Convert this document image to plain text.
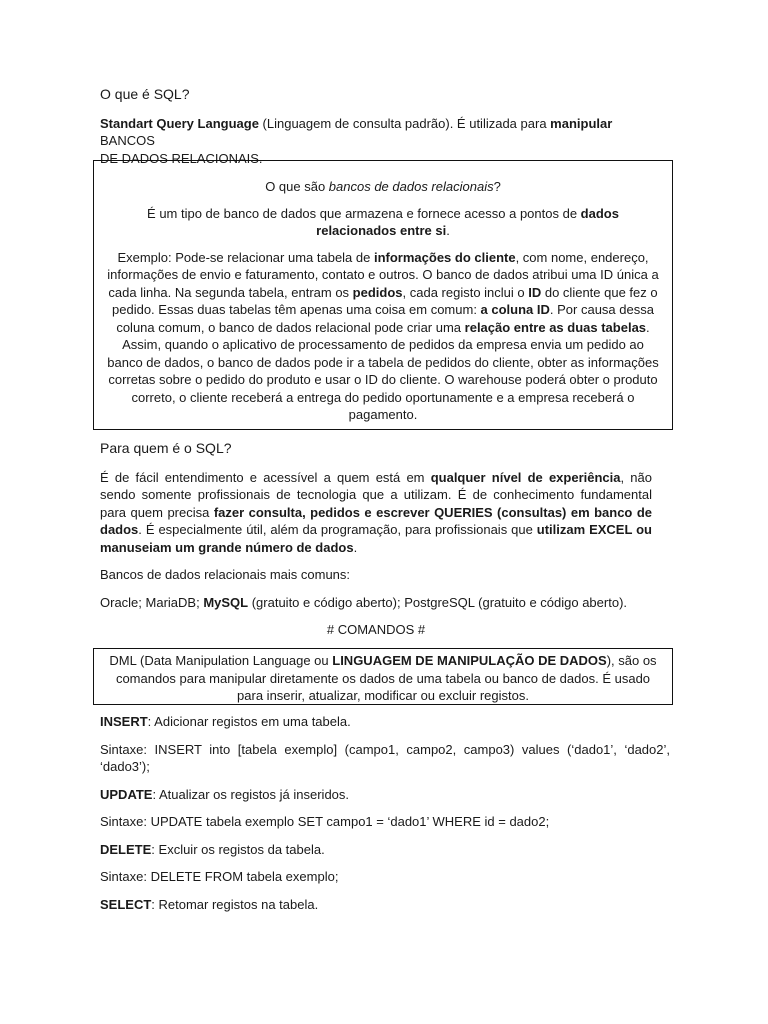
O que é SQL?

Standart Query Language (Linguagem de consulta padrão). É utilizada para manipular BANCOS
DE DADOS RELACIONAIS.

O que são bancos de dados relacionais?

É um tipo de banco de dados que armazena e fornece acesso a pontos de dados relacionados entre si.

Exemplo: Pode-se relacionar uma tabela de informações do cliente, com nome, endereço, informações de envio e faturamento, contato e outros. O banco de dados atribui uma ID única a cada linha. Na segunda tabela, entram os pedidos, cada registo inclui o ID do cliente que fez o pedido. Essas duas tabelas têm apenas uma coisa em comum: a coluna ID. Por causa dessa coluna comum, o banco de dados relacional pode criar uma relação entre as duas tabelas. Assim, quando o aplicativo de processamento de pedidos da empresa envia um pedido ao banco de dados, o banco de dados pode ir a tabela de pedidos do cliente, obter as informações corretas sobre o pedido do produto e usar o ID do cliente. O warehouse poderá obter o produto correto, o cliente receberá a entrega do pedido oportunamente e a empresa receberá o pagamento.

Para quem é o SQL?

É de fácil entendimento e acessível a quem está em qualquer nível de experiência, não sendo somente profissionais de tecnologia que a utilizam. É de conhecimento fundamental para quem precisa fazer consulta, pedidos e escrever QUERIES (consultas) em banco de dados. É especialmente útil, além da programação, para profissionais que utilizam EXCEL ou manuseiam um grande número de dados.

Bancos de dados relacionais mais comuns:

Oracle; MariaDB; MySQL (gratuito e código aberto); PostgreSQL (gratuito e código aberto).

# COMANDOS #

DML (Data Manipulation Language ou LINGUAGEM DE MANIPULAÇÃO DE DADOS), são os comandos para manipular diretamente os dados de uma tabela ou banco de dados. É usado para inserir, atualizar, modificar ou excluir registos.

INSERT: Adicionar registos em uma tabela.

Sintaxe: INSERT into [tabela exemplo] (campo1, campo2, campo3) values (‘dado1’, ‘dado2’, ‘dado3’);

UPDATE: Atualizar os registos já inseridos.

Sintaxe: UPDATE tabela exemplo SET campo1 = ‘dado1’ WHERE id = dado2;

DELETE: Excluir os registos da tabela.

Sintaxe: DELETE FROM tabela exemplo;

SELECT: Retomar registos na tabela.
